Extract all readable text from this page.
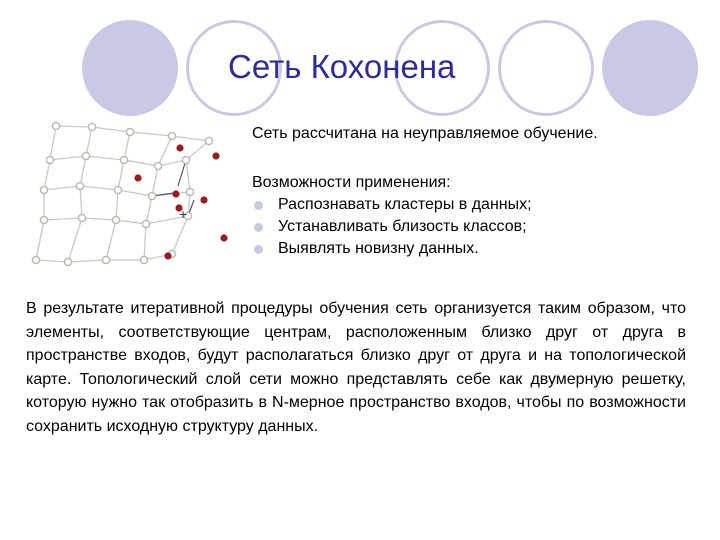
Сеть Кохонена
+

Сеть рассчитана на неуправляемое обучение.

Возможности применения:

Распознавать кластеры в данных;
Устанавливать близость классов;
Выявлять новизну данных.
В результате итеративной процедуры обучения сеть организуется таким образом, что элементы, соответствующие центрам, расположенным близко друг от друга в пространстве входов, будут располагаться близко друг от друга и на топологической карте. Топологический слой сети можно представлять себе как двумерную решетку, которую нужно так отобразить в N-мерное пространство входов, чтобы по возможности сохранить исходную структуру данных.
